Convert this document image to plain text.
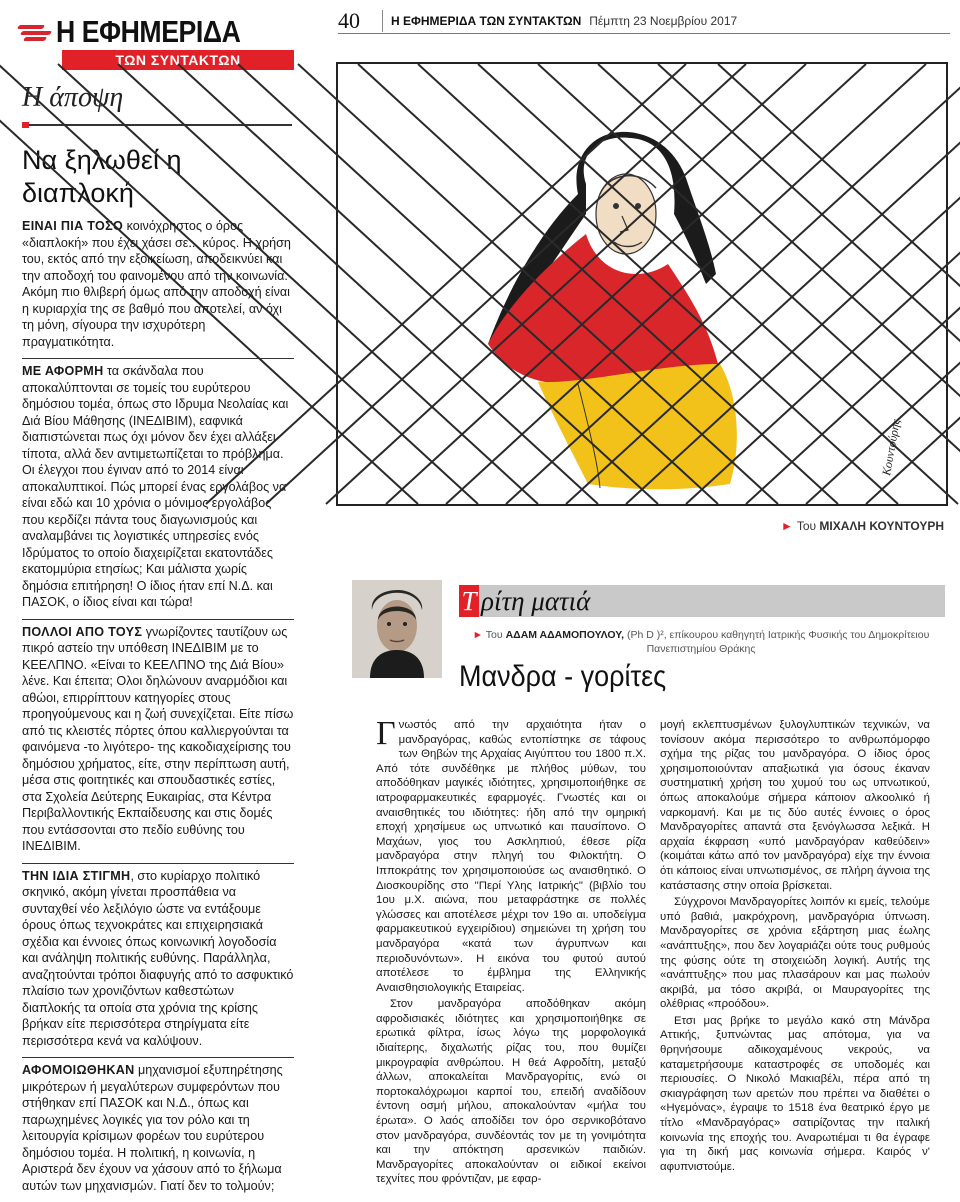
Η ΕΦΗΜΕΡΙΔΑ
ΤΩΝ ΣΥΝΤΑΚΤΩΝ
Η άποψη
Να ξηλωθεί η διαπλοκή

ΕΙΝΑΙ ΠΙΑ ΤΟΣΟ κοινόχρηστος ο όρος «διαπλοκή» που έχει χάσει σε... κύρος. Η χρήση του, εκτός από την εξοικείωση, αποδεικνύει και την αποδοχή του φαινομένου από την κοινωνία. Ακόμη πιο θλιβερή όμως από την αποδοχή είναι η κυριαρχία της σε βαθμό που αποτελεί, αν όχι τη μόνη, σίγουρα την ισχυρότερη πραγματικότητα.

ΜΕ ΑΦΟΡΜΗ τα σκάνδαλα που αποκαλύπτονται σε τομείς του ευρύτερου δημόσιου τομέα, όπως στο Ιδρυμα Νεολαίας και Διά Βίου Μάθησης (ΙΝΕΔΙΒΙΜ), εαφνικά διαπιστώνεται πως όχι μόνον δεν έχει αλλάξει τίποτα, αλλά δεν αντιμετωπίζεται το πρόβλημα. Οι έλεγχοι που έγιναν από το 2014 είναι αποκαλυπτικοί. Πώς μπορεί ένας εργολάβος να είναι εδώ και 10 χρόνια ο μόνιμος εργολάβος που κερδίζει πάντα τους διαγωνισμούς και αναλαμβάνει τις λογιστικές υπηρεσίες ενός Ιδρύματος το οποίο διαχειρίζεται εκατοντάδες εκατομμύρια ετησίως; Και μάλιστα χωρίς δημόσια επιτήρηση! Ο ίδιος ήταν επί Ν.Δ. και ΠΑΣΟΚ, ο ίδιος είναι και τώρα!

ΠΟΛΛΟΙ ΑΠΟ ΤΟΥΣ γνωρίζοντες ταυτίζουν ως πικρό αστείο την υπόθεση ΙΝΕΔΙΒΙΜ με το ΚΕΕΛΠΝΟ. «Είναι το ΚΕΕΛΠΝΟ της Διά Βίου» λένε. Και έπειτα; Ολοι δηλώνουν αναρμόδιοι και αθώοι, επιρρίπτουν κατηγορίες στους προηγούμενους και η ζωή συνεχίζεται. Είτε πίσω από τις κλειστές πόρτες όπου καλλιεργούνται τα φαινόμενα -το λιγότερο- της κακοδιαχείρισης του δημόσιου χρήματος, είτε, στην περίπτωση αυτή, μέσα στις φοιτητικές και σπουδαστικές εστίες, στα Σχολεία Δεύτερης Ευκαιρίας, στα Κέντρα Περιβαλλοντικής Εκπαίδευσης και στις δομές που εντάσσονται στο πεδίο ευθύνης του ΙΝΕΔΙΒΙΜ.

ΤΗΝ ΙΔΙΑ ΣΤΙΓΜΗ, στο κυρίαρχο πολιτικό σκηνικό, ακόμη γίνεται προσπάθεια να συνταχθεί νέο λεξιλόγιο ώστε να εντάξουμε όρους όπως τεχνοκράτες και επιχειρησιακά σχέδια και έννοιες όπως κοινωνική λογοδοσία και ανάληψη πολιτικής ευθύνης. Παράλληλα, αναζητούνται τρόποι διαφυγής από το ασφυκτικό πλαίσιο των χρονιζόντων καθεστώτων διαπλοκής τα οποία στα χρόνια της κρίσης βρήκαν είτε περισσότερα στηρίγματα είτε περισσότερα κενά να καλύψουν.

ΑΦΟΜΟΙΩΘΗΚΑΝ μηχανισμοί εξυπηρέτησης μικρότερων ή μεγαλύτερων συμφερόντων που στήθηκαν επί ΠΑΣΟΚ και Ν.Δ., όπως και παρωχημένες λογικές για τον ρόλο και τη λειτουργία κρίσιμων φορέων του ευρύτερου δημόσιου τομέα. Η πολιτική, η κοινωνία, η Αριστερά δεν έχουν να χάσουν από το ξήλωμα αυτών των μηχανισμών. Γιατί δεν το τολμούν;

40	Η ΕΦΗΜΕΡΙΔΑ ΤΩΝ ΣΥΝΤΑΚΤΩΝ Πέμπτη 23 Νοεμβρίου 2017
Κουντούρης
► Του ΜΙΧΑΛΗ ΚΟΥΝΤΟΥΡΗ
Τ ρίτη ματιά
► Του ΑΔΑΜ ΑΔΑΜΟΠΟΥΛΟΥ, (Ph D )², επίκουρου καθηγητή Ιατρικής Φυσικής του Δημοκρίτειου Πανεπιστημίου Θράκης
Μανδρα - γορίτες

Γνωστός από την αρχαιότητα ήταν ο μανδραγόρας, καθώς εντοπίστηκε σε τάφους των Θηβών της Αρχαίας Αιγύπτου του 1800 π.Χ. Από τότε συνδέθηκε με πλήθος μύθων, του αποδόθηκαν μαγικές ιδιότητες, χρησιμοποιήθηκε σε ιατροφαρμακευτικές εφαρμογές. Γνωστές και οι αναισθητικές του ιδιότητες: ήδη από την ομηρική εποχή χρησίμευε ως υπνωτικό και παυσίπονο. Ο Μαχάων, γιος του Ασκληπιού, έθεσε ρίζα μανδραγόρα στην πληγή του Φιλοκτήτη. Ο Ιπποκράτης τον χρησιμοποιούσε ως αναισθητικό. Ο Διοσκουρίδης στο "Περί Υλης Ιατρικής" (βιβλίο του 1ου μ.Χ. αιώνα, που μεταφράστηκε σε πολλές γλώσσες και αποτέλεσε μέχρι τον 19ο αι. υποδείγμα φαρμακευτικού εγχειρίδιου) σημειώνει τη χρήση του μανδραγόρα «κατά των άγρυπνων και περιοδυνόντων». Η εικόνα του φυτού αυτού αποτέλεσε το έμβλημα της Ελληνικής Αναισθησιολογικής Εταιρείας.

Στον μανδραγόρα αποδόθηκαν ακόμη αφροδισιακές ιδιότητες και χρησιμοποιήθηκε σε ερωτικά φίλτρα, ίσως λόγω της μορφολογικά ιδιαίτερης, διχαλωτής ρίζας του, που θυμίζει μικρογραφία ανθρώπου. Η θεά Αφροδίτη, μεταξύ άλλων, αποκαλείται Μανδραγορίτις, ενώ οι πορτοκαλόχρωμοι καρποί του, επειδή αναδίδουν έντονη οσμή μήλου, αποκαλούνταν «μήλα του έρωτα». Ο λαός αποδίδει τον όρο σερνικοβότανο στον μανδραγόρα, συνδέοντάς τον με τη γονιμότητα και την απόκτηση αρσενικών παιδιών. Μανδραγορίτες αποκαλούνταν οι ειδικοί εκείνοι τεχνίτες που φρόντιζαν, με εφαρ-

μογή εκλεπτυσμένων ξυλογλυπτικών τεχνικών, να τονίσουν ακόμα περισσότερο το ανθρωπόμορφο σχήμα της ρίζας του μανδραγόρα. Ο ίδιος όρος χρησιμοποιούνταν απαξιωτικά για όσους έκαναν συστηματική χρήση του χυμού του ως υπνωτικού, όπως αποκαλούμε σήμερα κάποιον αλκοολικό ή ναρκομανή. Και με τις δύο αυτές έννοιες ο όρος Μανδραγορίτες απαντά στα ξενόγλωσσα λεξικά. Η αρχαία έκφραση «υπό μανδραγόραν καθεύδειν» (κοιμάται κάτω από τον μανδραγόρα) είχε την έννοια ότι κάποιος είναι υπνωτισμένος, σε πλήρη άγνοια της κατάστασης στην οποία βρίσκεται.

Σύγχρονοι Μανδραγορίτες λοιπόν κι εμείς, τελούμε υπό βαθιά, μακρόχρονη, μανδραγόρια ύπνωση. Μανδραγορίτες σε χρόνια εξάρτηση μιας έωλης «ανάπτυξης», που δεν λογαριάζει ούτε τους ρυθμούς της φύσης ούτε τη στοιχειώδη λογική. Αυτής της «ανάπτυξης» που μας πλασάρουν και μας πωλούν ακριβά, μα τόσο ακριβά, οι Μαυραγορίτες της ολέθριας «προόδου».

Ετσι μας βρήκε το μεγάλο κακό στη Μάνδρα Αττικής, ξυπνώντας μας απότομα, για να θρηνήσουμε αδικοχαμένους νεκρούς, να καταμετρήσουμε καταστροφές σε υποδομές και περιουσίες. Ο Νικολό Μακιαβέλι, πέρα από τη σκιαγράφηση των αρετών που πρέπει να διαθέτει ο «Ηγεμόνας», έγραψε το 1518 ένα θεατρικό έργο με τίτλο «Μανδραγόρας» σατιρίζοντας την ιταλική κοινωνία της εποχής του. Αναρωτιέμαι τι θα έγραφε για τη δική μας κοινωνία σήμερα. Καιρός ν' αφυπνιστούμε.
